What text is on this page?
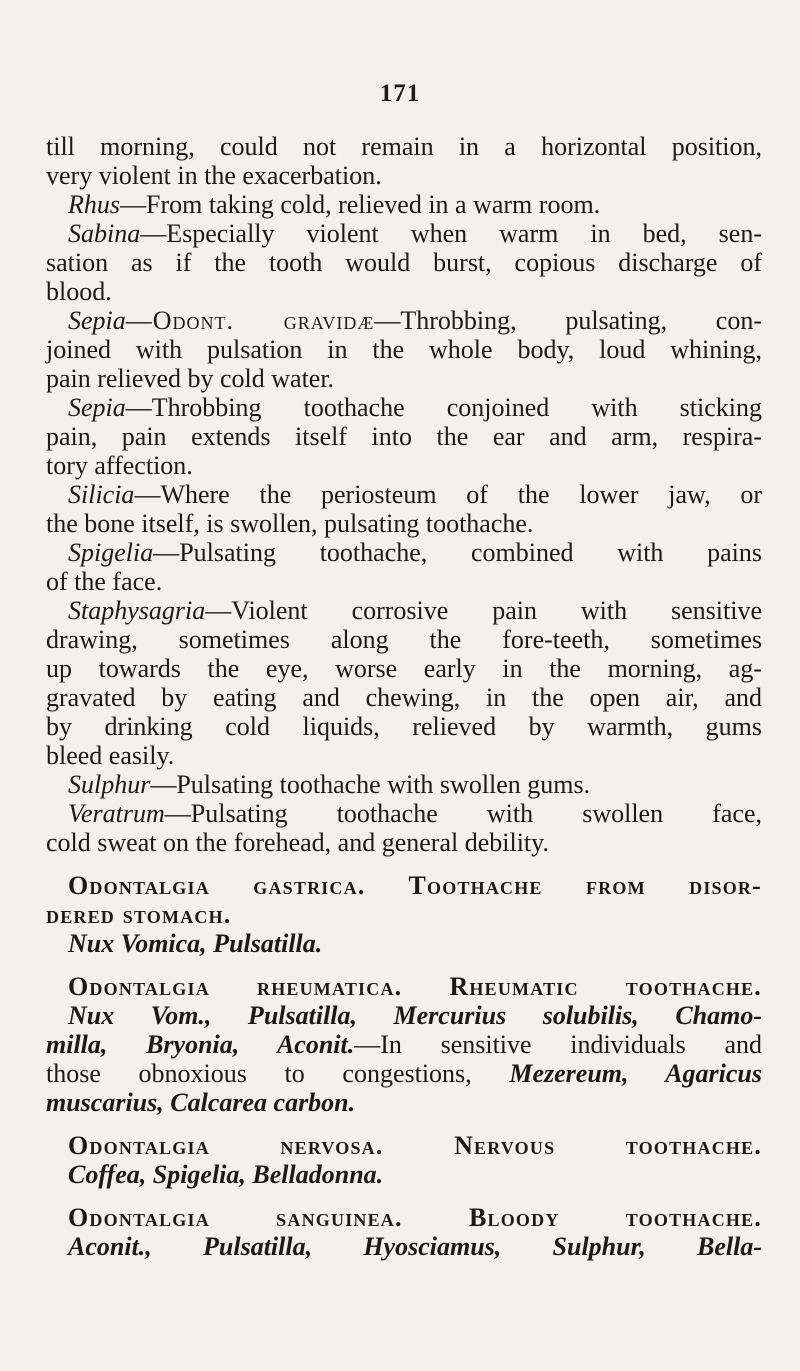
171
till morning, could not remain in a horizontal position,
very violent in the exacerbation.
Rhus—From taking cold, relieved in a warm room.
Sabina—Especially violent when warm in bed, sen-
sation as if the tooth would burst, copious discharge of
blood.
Sepia—Odont. gravidæ—Throbbing, pulsating, con-
joined with pulsation in the whole body, loud whining,
pain relieved by cold water.
Sepia—Throbbing toothache conjoined with sticking
pain, pain extends itself into the ear and arm, respira-
tory affection.
Silicia—Where the periosteum of the lower jaw, or
the bone itself, is swollen, pulsating toothache.
Spigelia—Pulsating toothache, combined with pains
of the face.
Staphysagria—Violent corrosive pain with sensitive
drawing, sometimes along the fore-teeth, sometimes
up towards the eye, worse early in the morning, ag-
gravated by eating and chewing, in the open air, and
by drinking cold liquids, relieved by warmth, gums
bleed easily.
Sulphur—Pulsating toothache with swollen gums.
Veratrum—Pulsating toothache with swollen face,
cold sweat on the forehead, and general debility.
Odontalgia gastrica. Toothache from disor-
dered stomach.
Nux Vomica, Pulsatilla.
Odontalgia rheumatica. Rheumatic toothache.
Nux Vom., Pulsatilla, Mercurius solubilis, Chamo-
milla, Bryonia, Aconit.—In sensitive individuals and
those obnoxious to congestions, Mezereum, Agaricus
muscarius, Calcarea carbon.
Odontalgia nervosa. Nervous toothache.
Coffea, Spigelia, Belladonna.
Odontalgia sanguinea. Bloody toothache.
Aconit., Pulsatilla, Hyosciamus, Sulphur, Bella-
